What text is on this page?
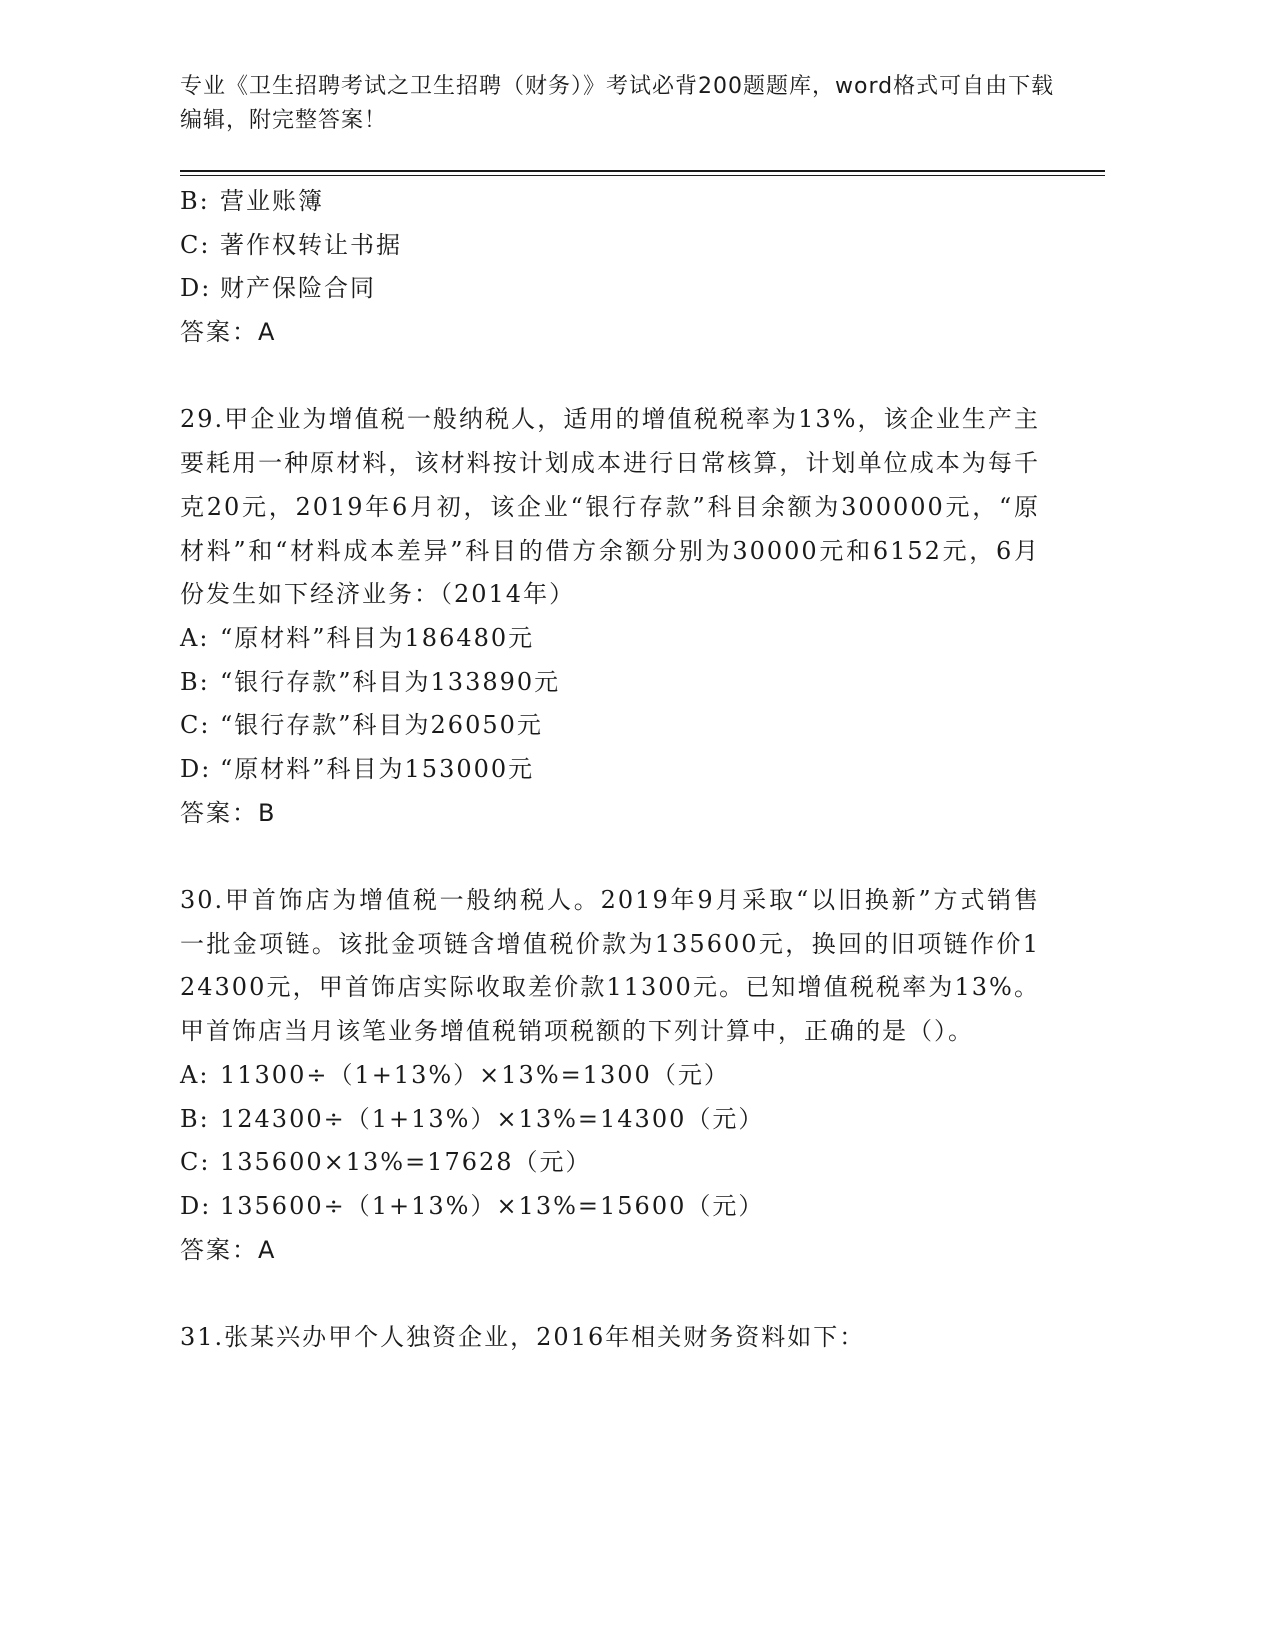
专业《卫生招聘考试之卫生招聘（财务）》考试必背200题题库，word格式可自由下载编辑，附完整答案！
B: 营业账簿
C: 著作权转让书据
D: 财产保险合同
答案：A
29.甲企业为增值税一般纳税人，适用的增值税税率为13%，该企业生产主要耗用一种原材料，该材料按计划成本进行日常核算，计划单位成本为每千克20元，2019年6月初，该企业“银行存款”科目余额为300000元，“原材料”和“材料成本差异”科目的借方余额分别为30000元和6152元，6月份发生如下经济业务：（2014年）
A: “原材料”科目为186480元
B: “银行存款”科目为133890元
C: “银行存款”科目为26050元
D: “原材料”科目为153000元
答案：B
30.甲首饰店为增值税一般纳税人。2019年9月采取“以旧换新”方式销售一批金项链。该批金项链含增值税价款为135600元，换回的旧项链作价124300元，甲首饰店实际收取差价款11300元。已知增值税税率为13%。甲首饰店当月该笔业务增值税销项税额的下列计算中，正确的是（）。
A: 11300÷（1+13%）×13%=1300（元）
B: 124300÷（1+13%）×13%=14300（元）
C: 135600×13%=17628（元）
D: 135600÷（1+13%）×13%=15600（元）
答案：A
31.张某兴办甲个人独资企业，2016年相关财务资料如下：
